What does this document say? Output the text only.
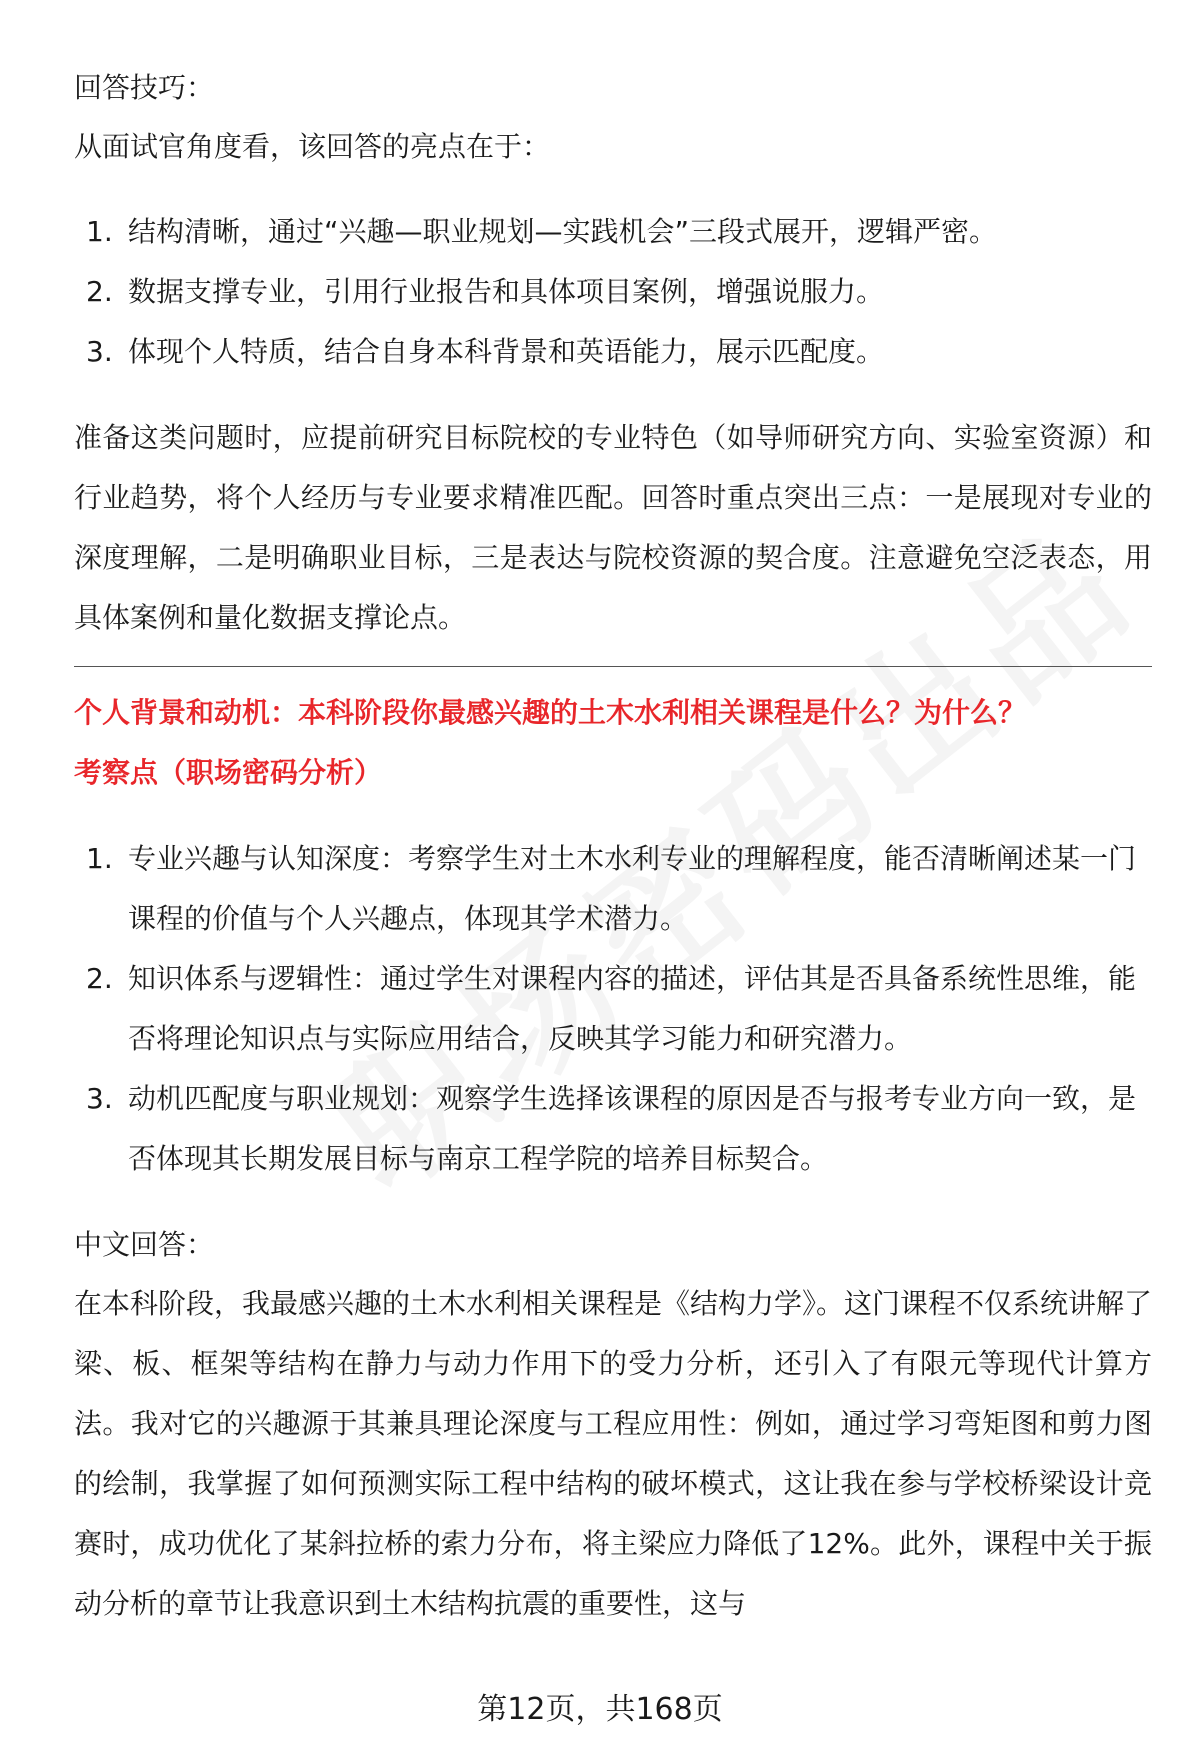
回答技巧：

从面试官角度看，该回答的亮点在于：

1. 结构清晰，通过“兴趣—职业规划—实践机会”三段式展开，逻辑严密。
2. 数据支撑专业，引用行业报告和具体项目案例，增强说服力。
3. 体现个人特质，结合自身本科背景和英语能力，展示匹配度。

准备这类问题时，应提前研究目标院校的专业特色（如导师研究方向、实验室资源）和行业趋势，将个人经历与专业要求精准匹配。回答时重点突出三点：一是展现对专业的深度理解，二是明确职业目标，三是表达与院校资源的契合度。注意避免空泛表态，用具体案例和量化数据支撑论点。

个人背景和动机：本科阶段你最感兴趣的土木水利相关课程是什么？为什么？

考察点（职场密码分析）

1. 专业兴趣与认知深度：考察学生对土木水利专业的理解程度，能否清晰阐述某一门课程的价值与个人兴趣点，体现其学术潜力。
2. 知识体系与逻辑性：通过学生对课程内容的描述，评估其是否具备系统性思维，能否将理论知识点与实际应用结合，反映其学习能力和研究潜力。
3. 动机匹配度与职业规划：观察学生选择该课程的原因是否与报考专业方向一致，是否体现其长期发展目标与南京工程学院的培养目标契合。

中文回答：

在本科阶段，我最感兴趣的土木水利相关课程是《结构力学》。这门课程不仅系统讲解了梁、板、框架等结构在静力与动力作用下的受力分析，还引入了有限元等现代计算方法。我对它的兴趣源于其兼具理论深度与工程应用性：例如，通过学习弯矩图和剪力图的绘制，我掌握了如何预测实际工程中结构的破坏模式，这让我在参与学校桥梁设计竞赛时，成功优化了某斜拉桥的索力分布，将主梁应力降低了12%。此外，课程中关于振动分析的章节让我意识到土木结构抗震的重要性，这与

第12页，共168页
